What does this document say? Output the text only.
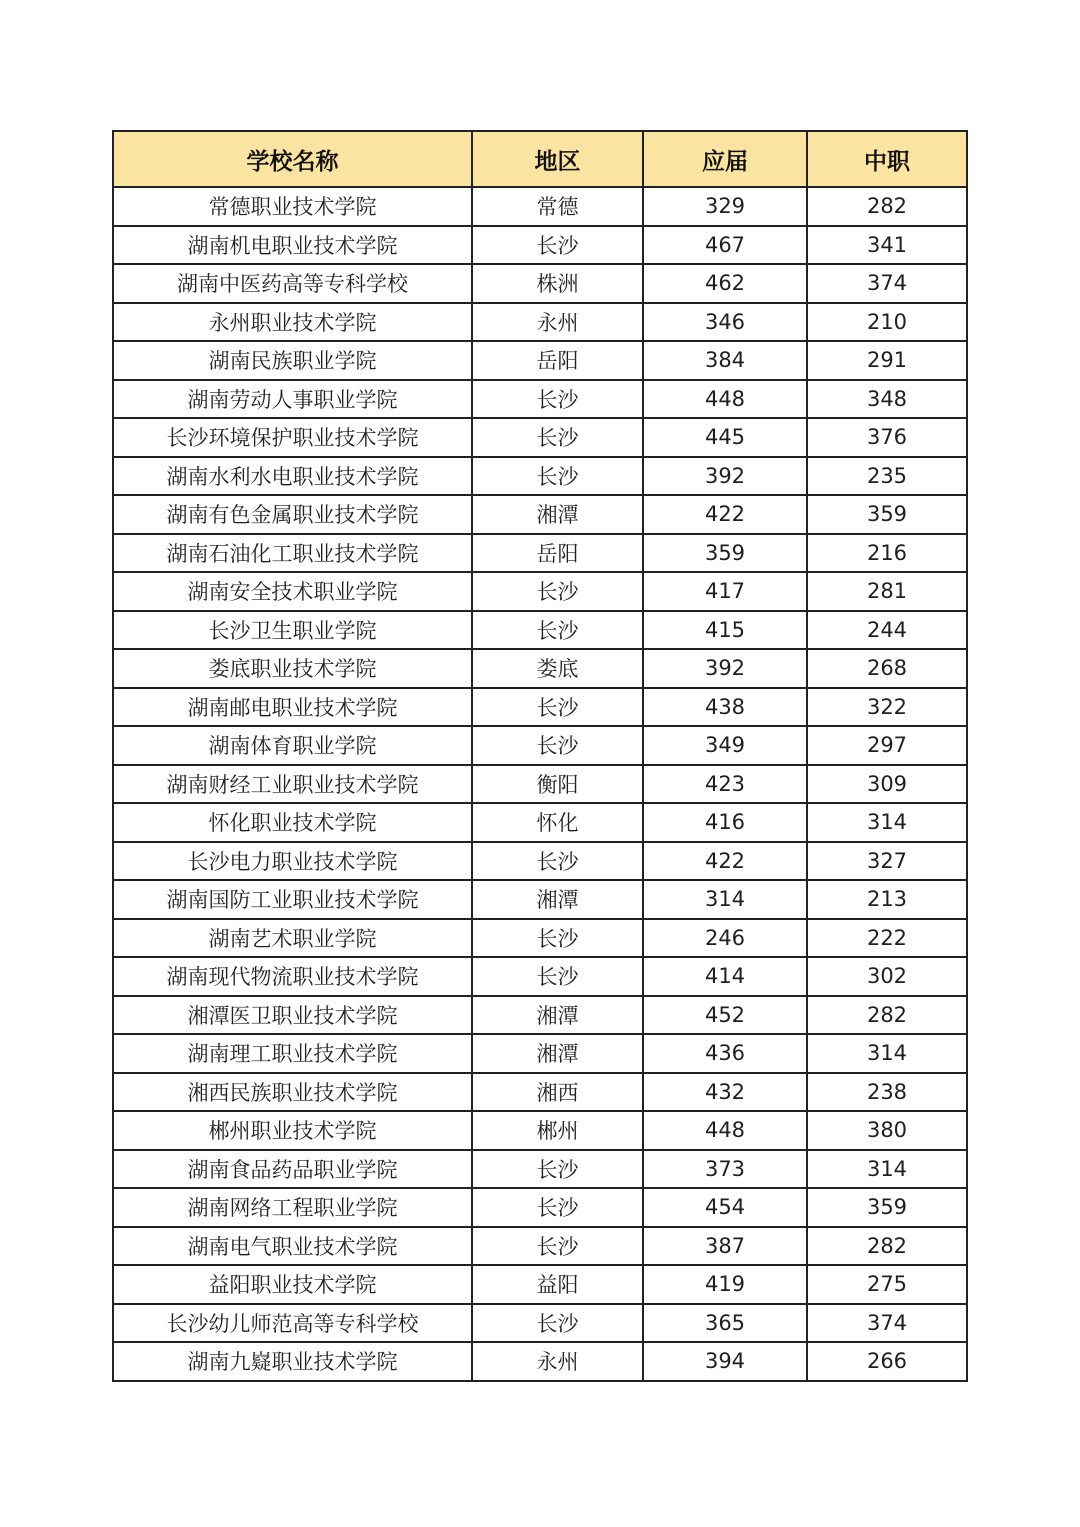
学校名称	地区	应届	中职
常德职业技术学院	常德	329	282
湖南机电职业技术学院	长沙	467	341
湖南中医药高等专科学校	株洲	462	374
永州职业技术学院	永州	346	210
湖南民族职业学院	岳阳	384	291
湖南劳动人事职业学院	长沙	448	348
长沙环境保护职业技术学院	长沙	445	376
湖南水利水电职业技术学院	长沙	392	235
湖南有色金属职业技术学院	湘潭	422	359
湖南石油化工职业技术学院	岳阳	359	216
湖南安全技术职业学院	长沙	417	281
长沙卫生职业学院	长沙	415	244
娄底职业技术学院	娄底	392	268
湖南邮电职业技术学院	长沙	438	322
湖南体育职业学院	长沙	349	297
湖南财经工业职业技术学院	衡阳	423	309
怀化职业技术学院	怀化	416	314
长沙电力职业技术学院	长沙	422	327
湖南国防工业职业技术学院	湘潭	314	213
湖南艺术职业学院	长沙	246	222
湖南现代物流职业技术学院	长沙	414	302
湘潭医卫职业技术学院	湘潭	452	282
湖南理工职业技术学院	湘潭	436	314
湘西民族职业技术学院	湘西	432	238
郴州职业技术学院	郴州	448	380
湖南食品药品职业学院	长沙	373	314
湖南网络工程职业学院	长沙	454	359
湖南电气职业技术学院	长沙	387	282
益阳职业技术学院	益阳	419	275
长沙幼儿师范高等专科学校	长沙	365	374
湖南九嶷职业技术学院	永州	394	266
